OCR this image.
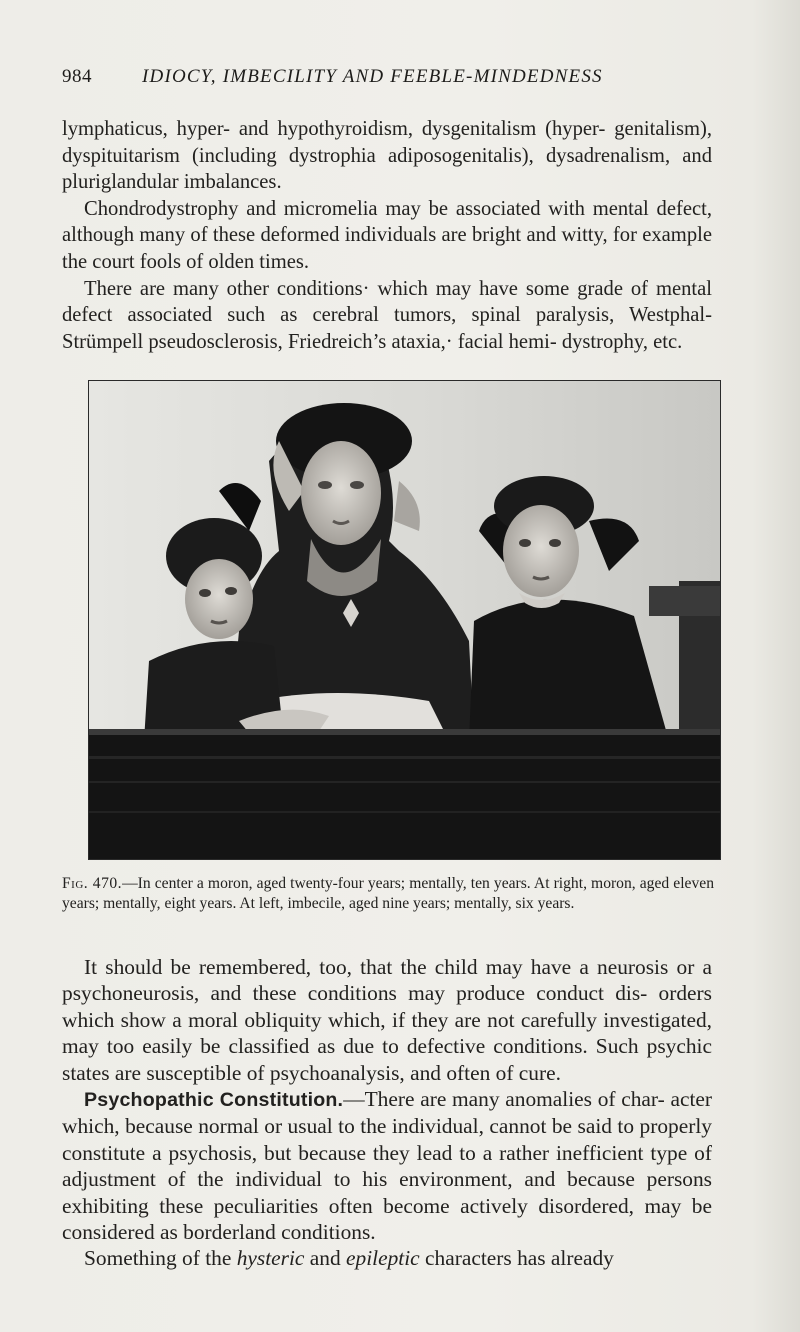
984	IDIOCY, IMBECILITY AND FEEBLE-MINDEDNESS

lymphaticus, hyper- and hypothyroidism, dysgenitalism (hyper- genitalism), dyspituitarism (including dystrophia adiposogenitalis), dysadrenalism, and pluriglandular imbalances.

Chondrodystrophy and micromelia may be associated with mental defect, although many of these deformed individuals are bright and witty, for example the court fools of olden times.

There are many other conditions· which may have some grade of mental defect associated such as cerebral tumors, spinal paralysis, Westphal-Strümpell pseudosclerosis, Friedreich’s ataxia,· facial hemi- dystrophy, etc.

Fig. 470.—In center a moron, aged twenty-four years; mentally, ten years. At right, moron, aged eleven years; mentally, eight years. At left, imbecile, aged nine years; mentally, six years.

It should be remembered, too, that the child may have a neurosis or a psychoneurosis, and these conditions may produce conduct dis- orders which show a moral obliquity which, if they are not carefully investigated, may too easily be classified as due to defective conditions. Such psychic states are susceptible of psychoanalysis, and often of cure.

Psychopathic Constitution.—There are many anomalies of char- acter which, because normal or usual to the individual, cannot be said to properly constitute a psychosis, but because they lead to a rather inefficient type of adjustment of the individual to his environment, and because persons exhibiting these peculiarities often become actively disordered, may be considered as borderland conditions.

Something of the hysteric and epileptic characters has already
